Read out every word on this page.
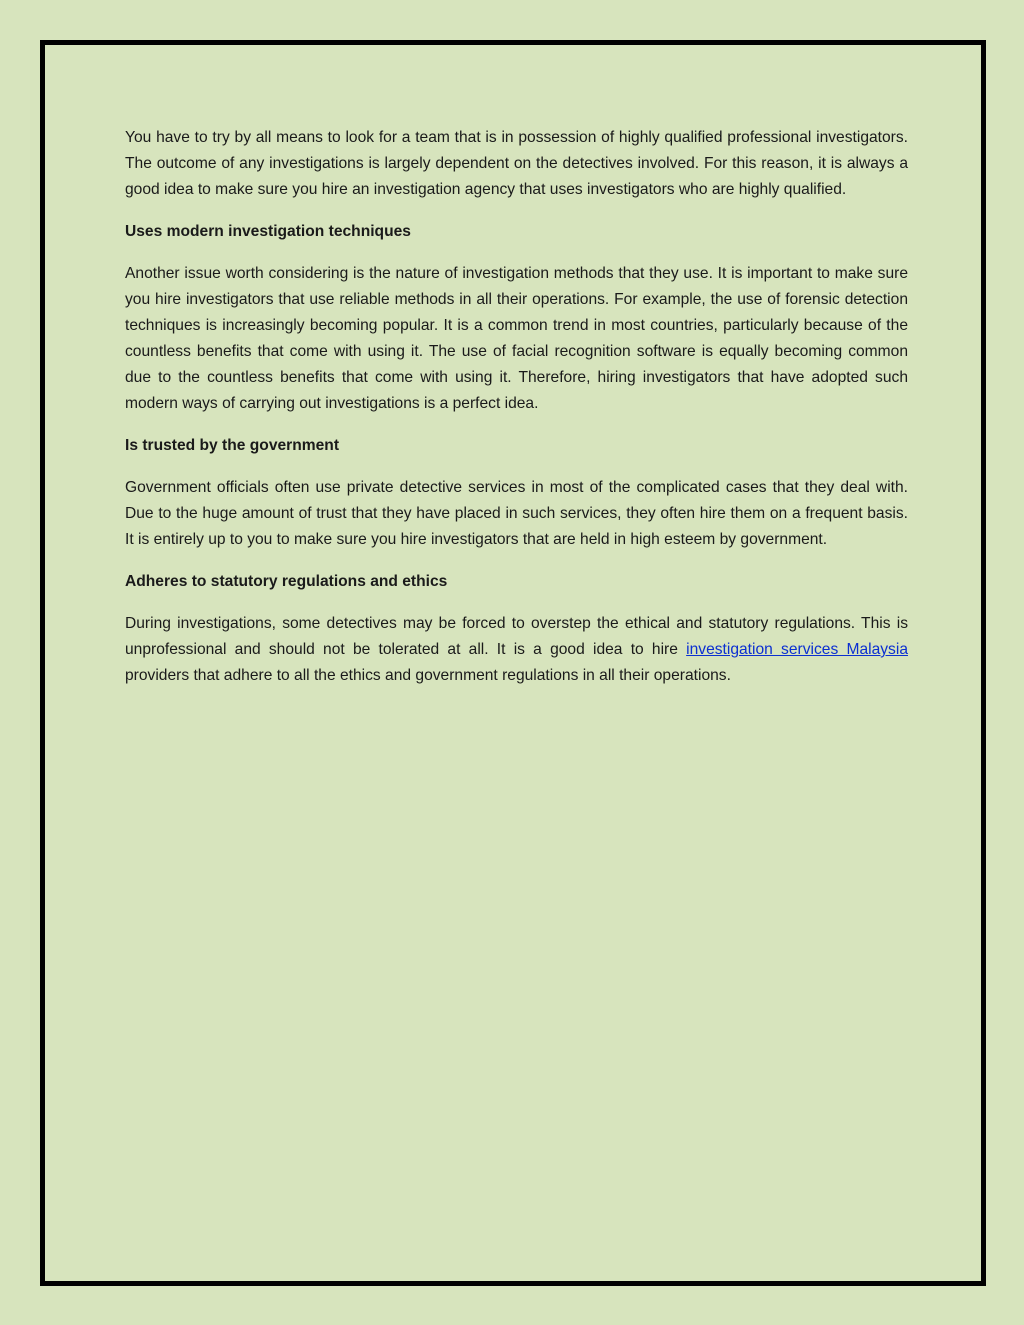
You have to try by all means to look for a team that is in possession of highly qualified professional investigators. The outcome of any investigations is largely dependent on the detectives involved. For this reason, it is always a good idea to make sure you hire an investigation agency that uses investigators who are highly qualified.

Uses modern investigation techniques

Another issue worth considering is the nature of investigation methods that they use. It is important to make sure you hire investigators that use reliable methods in all their operations. For example, the use of forensic detection techniques is increasingly becoming popular. It is a common trend in most countries, particularly because of the countless benefits that come with using it. The use of facial recognition software is equally becoming common due to the countless benefits that come with using it. Therefore, hiring investigators that have adopted such modern ways of carrying out investigations is a perfect idea.

Is trusted by the government

Government officials often use private detective services in most of the complicated cases that they deal with. Due to the huge amount of trust that they have placed in such services, they often hire them on a frequent basis. It is entirely up to you to make sure you hire investigators that are held in high esteem by government.

Adheres to statutory regulations and ethics

During investigations, some detectives may be forced to overstep the ethical and statutory regulations. This is unprofessional and should not be tolerated at all. It is a good idea to hire investigation services Malaysia providers that adhere to all the ethics and government regulations in all their operations.
